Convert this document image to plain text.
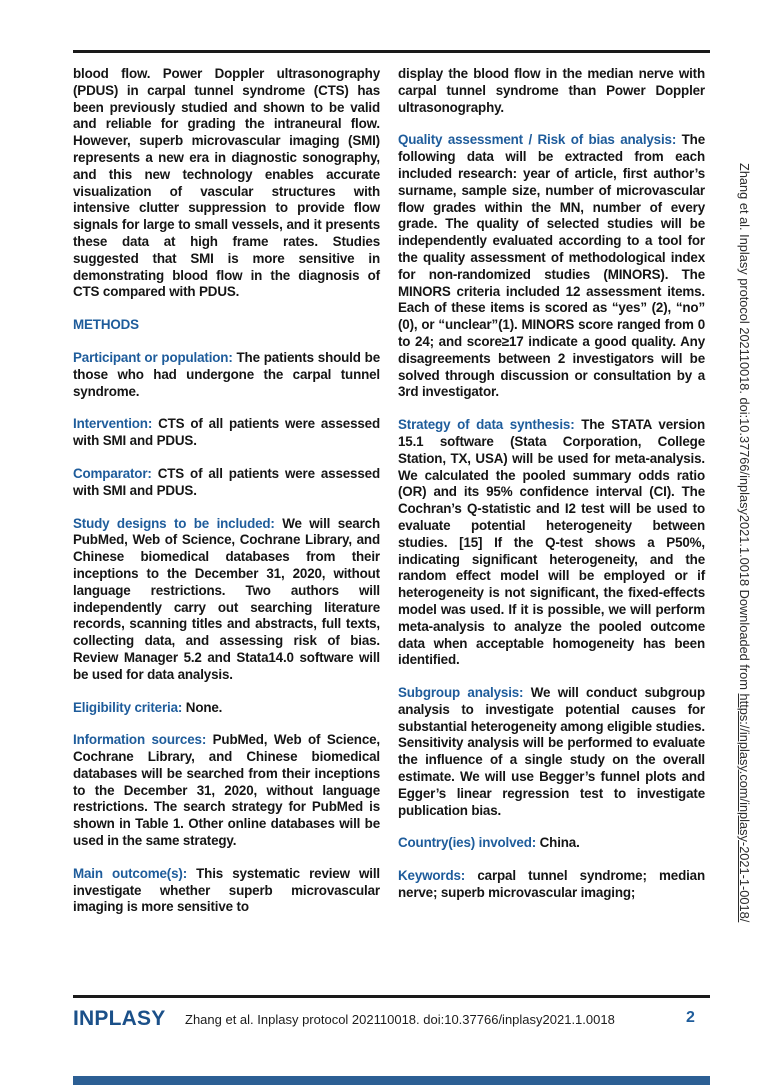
blood flow. Power Doppler ultrasonography (PDUS) in carpal tunnel syndrome (CTS) has been previously studied and shown to be valid and reliable for grading the intraneural flow. However, superb microvascular imaging (SMI) represents a new era in diagnostic sonography, and this new technology enables accurate visualization of vascular structures with intensive clutter suppression to provide flow signals for large to small vessels, and it presents these data at high frame rates. Studies suggested that SMI is more sensitive in demonstrating blood flow in the diagnosis of CTS compared with PDUS.

METHODS

Participant or population: The patients should be those who had undergone the carpal tunnel syndrome.

Intervention: CTS of all patients were assessed with SMI and PDUS.

Comparator: CTS of all patients were assessed with SMI and PDUS.

Study designs to be included: We will search PubMed, Web of Science, Cochrane Library, and Chinese biomedical databases from their inceptions to the December 31, 2020, without language restrictions. Two authors will independently carry out searching literature records, scanning titles and abstracts, full texts, collecting data, and assessing risk of bias. Review Manager 5.2 and Stata14.0 software will be used for data analysis.

Eligibility criteria: None.

Information sources: PubMed, Web of Science, Cochrane Library, and Chinese biomedical databases will be searched from their inceptions to the December 31, 2020, without language restrictions. The search strategy for PubMed is shown in Table 1. Other online databases will be used in the same strategy.

Main outcome(s): This systematic review will investigate whether superb microvascular imaging is more sensitive to

display the blood flow in the median nerve with carpal tunnel syndrome than Power Doppler ultrasonography.

Quality assessment / Risk of bias analysis: The following data will be extracted from each included research: year of article, first author’s surname, sample size, number of microvascular flow grades within the MN, number of every grade. The quality of selected studies will be independently evaluated according to a tool for the quality assessment of methodological index for non-randomized studies (MINORS). The MINORS criteria included 12 assessment items. Each of these items is scored as “yes” (2), “no” (0), or “unclear”(1). MINORS score ranged from 0 to 24; and score≥17 indicate a good quality. Any disagreements between 2 investigators will be solved through discussion or consultation by a 3rd investigator.

Strategy of data synthesis: The STATA version 15.1 software (Stata Corporation, College Station, TX, USA) will be used for meta-analysis. We calculated the pooled summary odds ratio (OR) and its 95% confidence interval (CI). The Cochran’s Q-statistic and I2 test will be used to evaluate potential heterogeneity between studies. [15] If the Q-test shows a P50%, indicating significant heterogeneity, and the random effect model will be employed or if heterogeneity is not significant, the fixed-effects model was used. If it is possible, we will perform meta-analysis to analyze the pooled outcome data when acceptable homogeneity has been identified.

Subgroup analysis: We will conduct subgroup analysis to investigate potential causes for substantial heterogeneity among eligible studies. Sensitivity analysis will be performed to evaluate the influence of a single study on the overall estimate. We will use Begger’s funnel plots and Egger’s linear regression test to investigate publication bias.

Country(ies) involved: China.

Keywords: carpal tunnel syndrome; median nerve; superb microvascular imaging;

Zhang et al. Inplasy protocol 202110018. doi:10.37766/inplasy2021.1.0018 Downloaded from https://inplasy.com/inplasy-2021-1-0018/
INPLASY Zhang et al. Inplasy protocol 202110018. doi:10.37766/inplasy2021.1.0018	2
